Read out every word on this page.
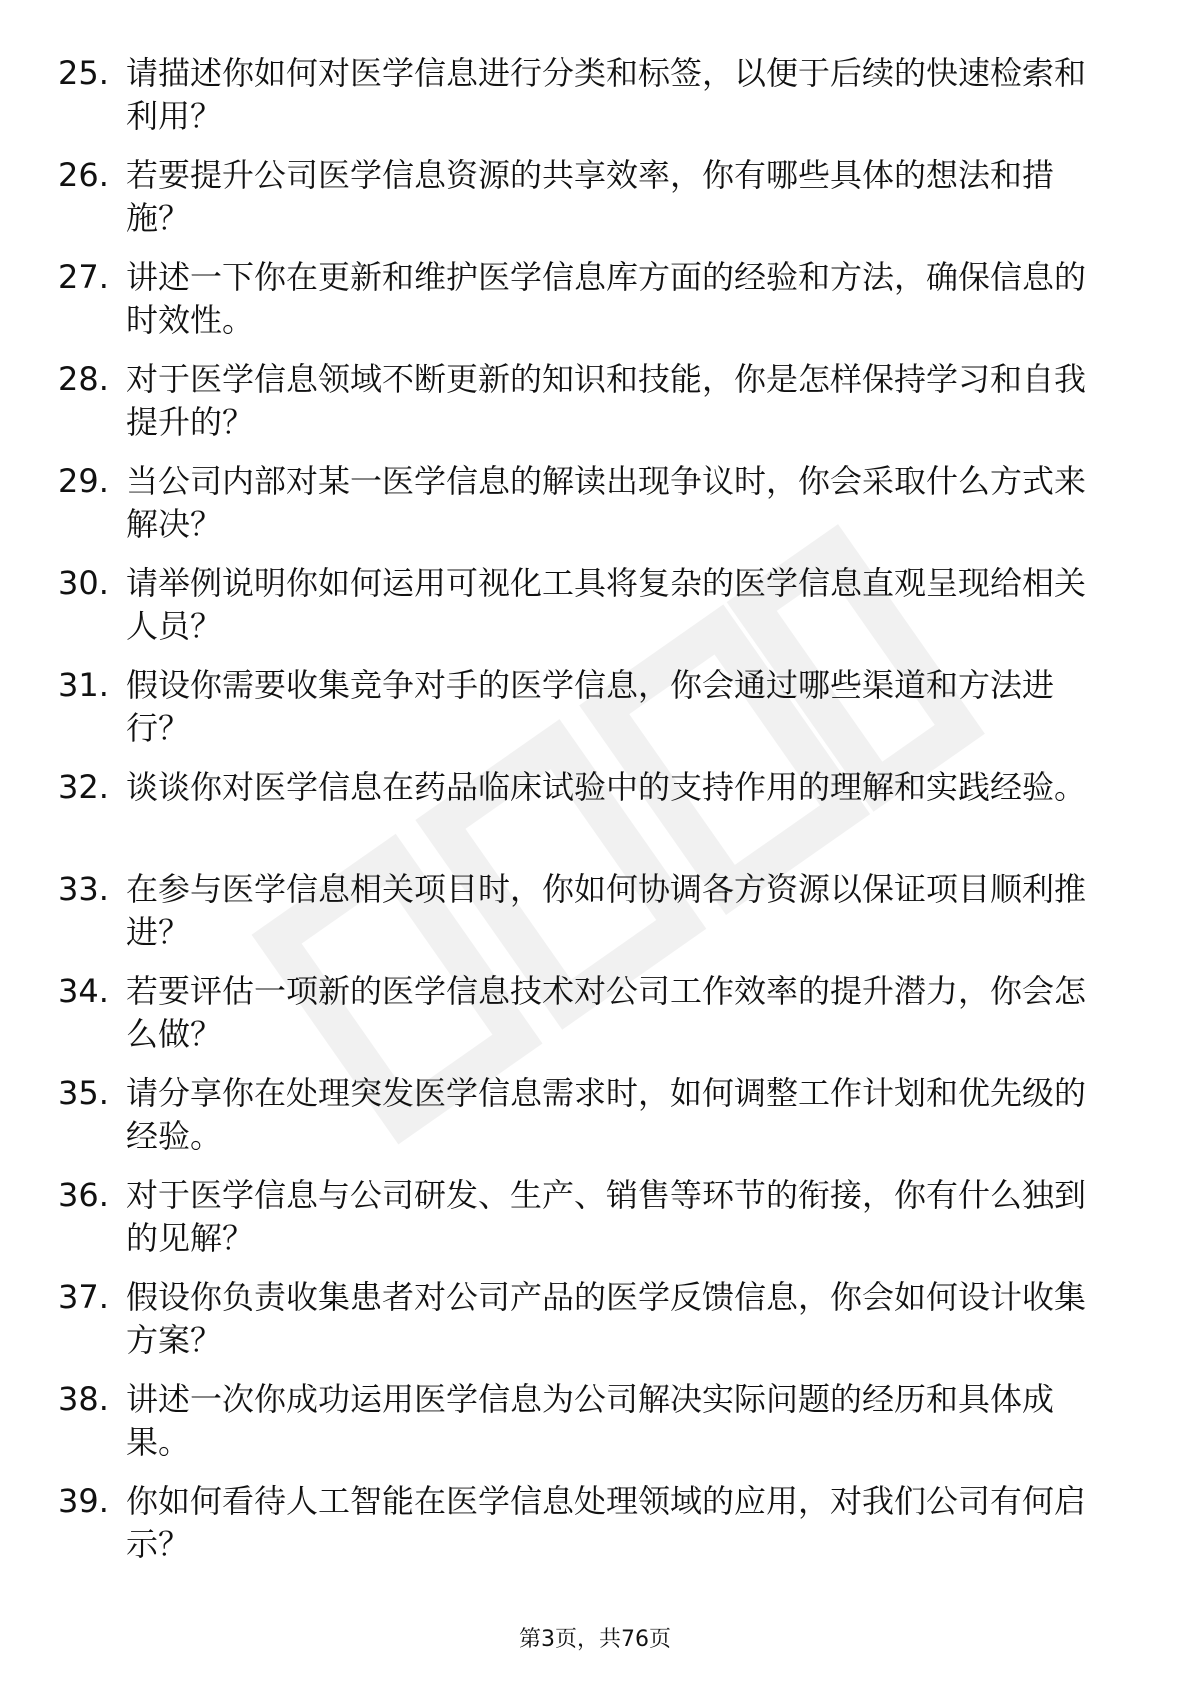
25. 请描述你如何对医学信息进行分类和标签，以便于后续的快速检索和利用？
26. 若要提升公司医学信息资源的共享效率，你有哪些具体的想法和措施？
27. 讲述一下你在更新和维护医学信息库方面的经验和方法，确保信息的时效性。
28. 对于医学信息领域不断更新的知识和技能，你是怎样保持学习和自我提升的？
29. 当公司内部对某一医学信息的解读出现争议时，你会采取什么方式来解决？
30. 请举例说明你如何运用可视化工具将复杂的医学信息直观呈现给相关人员？
31. 假设你需要收集竞争对手的医学信息，你会通过哪些渠道和方法进行？
32. 谈谈你对医学信息在药品临床试验中的支持作用的理解和实践经验。
33. 在参与医学信息相关项目时，你如何协调各方资源以保证项目顺利推进？
34. 若要评估一项新的医学信息技术对公司工作效率的提升潜力，你会怎么做？
35. 请分享你在处理突发医学信息需求时，如何调整工作计划和优先级的经验。
36. 对于医学信息与公司研发、生产、销售等环节的衔接，你有什么独到的见解？
37. 假设你负责收集患者对公司产品的医学反馈信息，你会如何设计收集方案？
38. 讲述一次你成功运用医学信息为公司解决实际问题的经历和具体成果。
39. 你如何看待人工智能在医学信息处理领域的应用，对我们公司有何启示？
第3页，共76页
